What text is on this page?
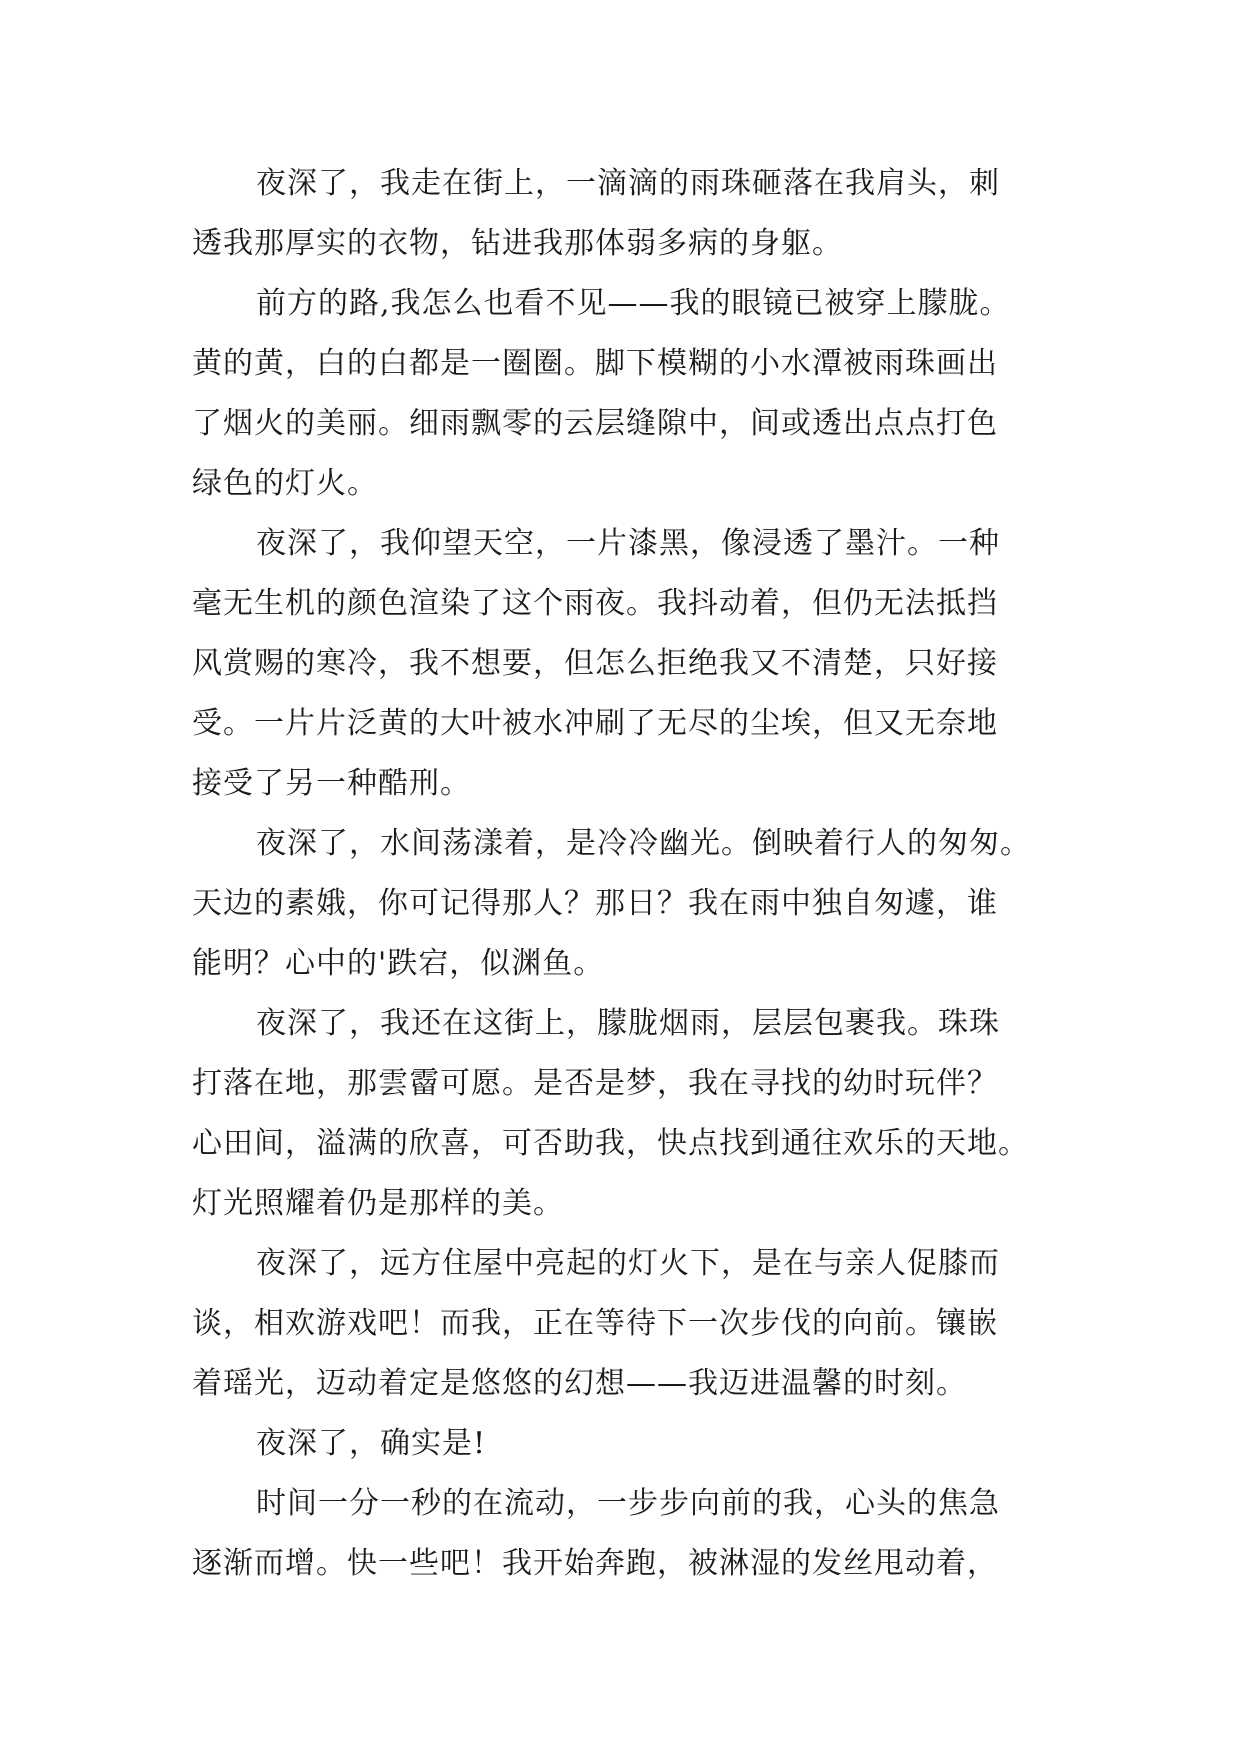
夜深了，我走在街上，一滴滴的雨珠砸落在我肩头，刺
透我那厚实的衣物，钻进我那体弱多病的身躯。
前方的路,我怎么也看不见——我的眼镜已被穿上朦胧。
黄的黄，白的白都是一圈圈。脚下模糊的小水潭被雨珠画出
了烟火的美丽。细雨飘零的云层缝隙中，间或透出点点打色
绿色的灯火。
夜深了，我仰望天空，一片漆黑，像浸透了墨汁。一种
毫无生机的颜色渲染了这个雨夜。我抖动着，但仍无法抵挡
风赏赐的寒冷，我不想要，但怎么拒绝我又不清楚，只好接
受。一片片泛黄的大叶被水冲刷了无尽的尘埃，但又无奈地
接受了另一种酷刑。
夜深了，水间荡漾着，是冷冷幽光。倒映着行人的匆匆。
天边的素娥，你可记得那人？那日？我在雨中独自匆遽，谁
能明？心中的'跌宕，似渊鱼。
夜深了，我还在这街上，朦胧烟雨，层层包裹我。珠珠
打落在地，那雲霤可愿。是否是梦，我在寻找的幼时玩伴？
心田间，溢满的欣喜，可否助我，快点找到通往欢乐的天地。
灯光照耀着仍是那样的美。
夜深了，远方住屋中亮起的灯火下，是在与亲人促膝而
谈，相欢游戏吧！而我，正在等待下一次步伐的向前。镶嵌
着瑶光，迈动着定是悠悠的幻想——我迈进温馨的时刻。
夜深了，确实是!
时间一分一秒的在流动，一步步向前的我，心头的焦急
逐渐而增。快一些吧！我开始奔跑，被淋湿的发丝甩动着，
